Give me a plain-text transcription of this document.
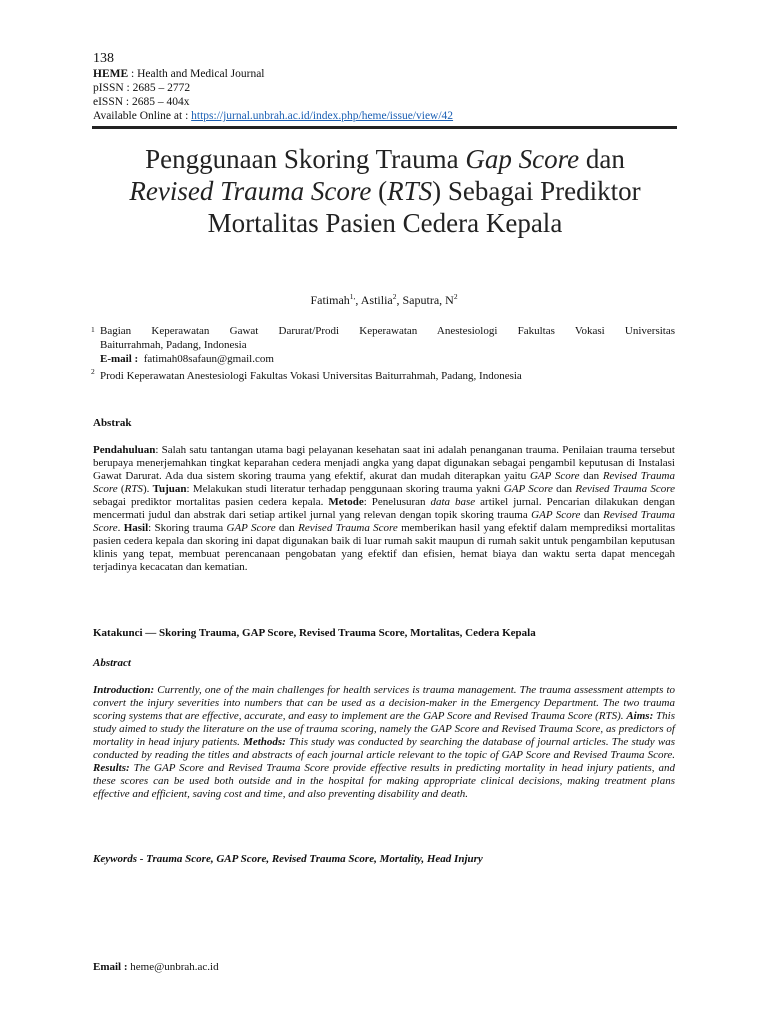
138
HEME : Health and Medical Journal
pISSN : 2685 – 2772
eISSN : 2685 – 404x
Available Online at : https://jurnal.unbrah.ac.id/index.php/heme/issue/view/42
Penggunaan Skoring Trauma Gap Score dan
Revised Trauma Score (RTS) Sebagai Prediktor
Mortalitas Pasien Cedera Kepala
Fatimah$^{1,}$, Astilia$^2$, Saputra, $N^2$
1 Bagian Keperawatan Gawat Darurat/Prodi Keperawatan Anestesiologi Fakultas Vokasi Universitas
Baiturrahmah, Padang, Indonesia
E-mail : fatimah08safaun@gmail.com
2 Prodi Keperawatan Anestesiologi Fakultas Vokasi Universitas Baiturrahmah, Padang, Indonesia
Abstrak
Pendahuluan: Salah satu tantangan utama bagi pelayanan kesehatan saat ini adalah penanganan trauma. Penilaian trauma tersebut berupaya menerjemahkan tingkat keparahan cedera menjadi angka yang dapat digunakan sebagai pengambil keputusan di Instalasi Gawat Darurat. Ada dua sistem skoring trauma yang efektif, akurat dan mudah diterapkan yaitu GAP Score dan Revised Trauma Score (RTS). Tujuan: Melakukan studi literatur terhadap penggunaan skoring trauma yakni GAP Score dan Revised Trauma Score sebagai prediktor mortalitas pasien cedera kepala. Metode: Penelusuran data base artikel jurnal. Pencarian dilakukan dengan mencermati judul dan abstrak dari setiap artikel jurnal yang relevan dengan topik skoring trauma GAP Score dan Revised Trauma Score. Hasil: Skoring trauma GAP Score dan Revised Trauma Score memberikan hasil yang efektif dalam memprediksi mortalitas pasien cedera kepala dan skoring ini dapat digunakan baik di luar rumah sakit maupun di rumah sakit untuk pengambilan keputusan klinis yang tepat, membuat perencanaan pengobatan yang efektif dan efisien, hemat biaya dan waktu serta dapat mencegah terjadinya kecacatan dan kematian.
Katakunci — Skoring Trauma, GAP Score, Revised Trauma Score, Mortalitas, Cedera Kepala
Abstract
Introduction: Currently, one of the main challenges for health services is trauma management. The trauma assessment attempts to convert the injury severities into numbers that can be used as a decision-maker in the Emergency Department. The two trauma scoring systems that are effective, accurate, and easy to implement are the GAP Score and Revised Trauma Score (RTS). Aims: This study aimed to study the literature on the use of trauma scoring, namely the GAP Score and Revised Trauma Score, as predictors of mortality in head injury patients. Methods: This study was conducted by searching the database of journal articles. The study was conducted by reading the titles and abstracts of each journal article relevant to the topic of GAP Score and Revised Trauma Score. Results: The GAP Score and Revised Trauma Score provide effective results in predicting mortality in head injury patients, and these scores can be used both outside and in the hospital for making appropriate clinical decisions, making treatment plans effective and efficient, saving cost and time, and also preventing disability and death.
Keywords - Trauma Score, GAP Score, Revised Trauma Score, Mortality, Head Injury
Email : heme@unbrah.ac.id
